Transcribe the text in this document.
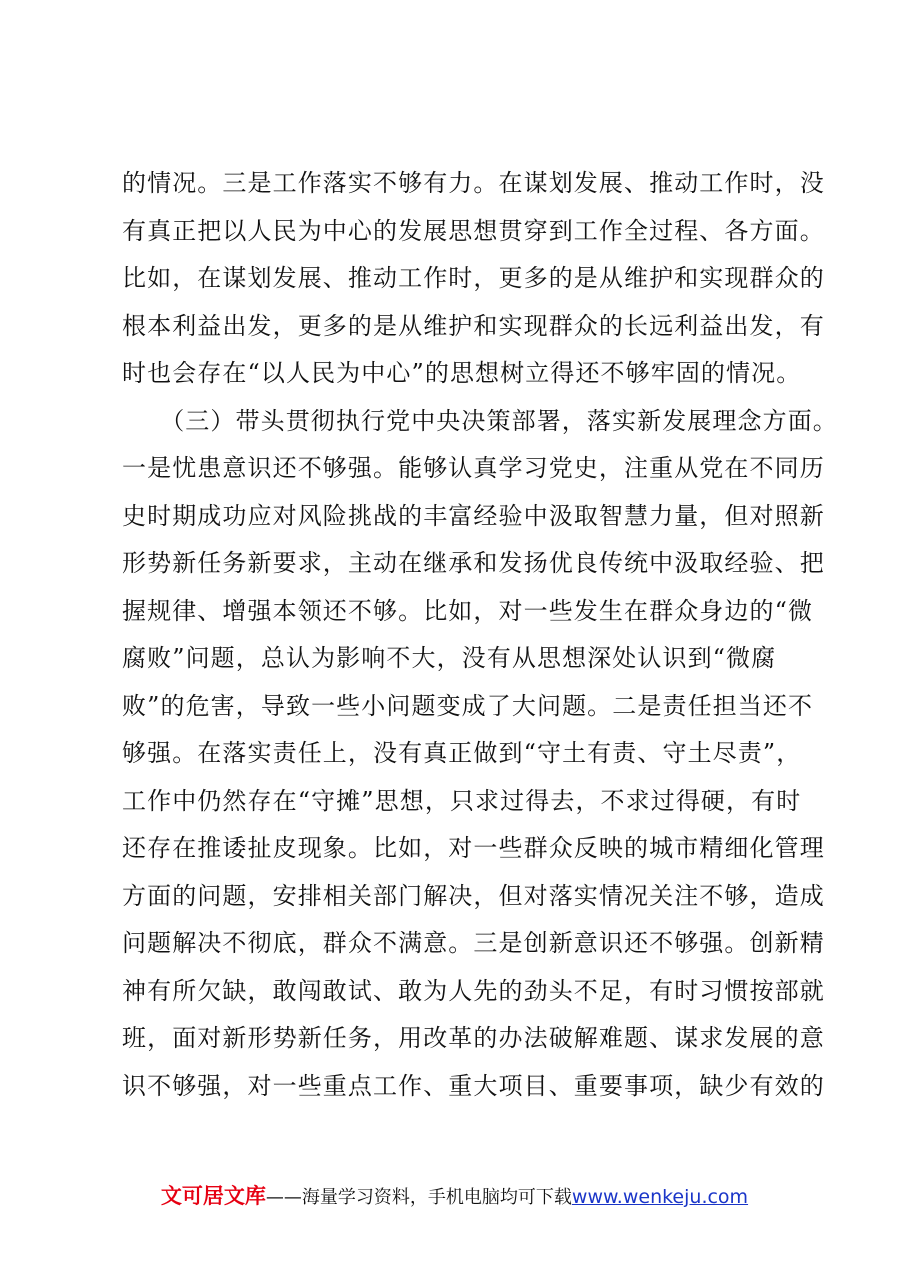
的情况。三是工作落实不够有力。在谋划发展、推动工作时，没
有真正把以人民为中心的发展思想贯穿到工作全过程、各方面。
比如，在谋划发展、推动工作时，更多的是从维护和实现群众的
根本利益出发，更多的是从维护和实现群众的长远利益出发，有
时也会存在“以人民为中心”的思想树立得还不够牢固的情况。
　　（三）带头贯彻执行党中央决策部署，落实新发展理念方面。
一是忧患意识还不够强。能够认真学习党史，注重从党在不同历
史时期成功应对风险挑战的丰富经验中汲取智慧力量，但对照新
形势新任务新要求，主动在继承和发扬优良传统中汲取经验、把
握规律、增强本领还不够。比如，对一些发生在群众身边的“微
腐败”问题，总认为影响不大，没有从思想深处认识到“微腐
败”的危害，导致一些小问题变成了大问题。二是责任担当还不
够强。在落实责任上，没有真正做到“守土有责、守土尽责”，
工作中仍然存在“守摊”思想，只求过得去，不求过得硬，有时
还存在推诿扯皮现象。比如，对一些群众反映的城市精细化管理
方面的问题，安排相关部门解决，但对落实情况关注不够，造成
问题解决不彻底，群众不满意。三是创新意识还不够强。创新精
神有所欠缺，敢闯敢试、敢为人先的劲头不足，有时习惯按部就
班，面对新形势新任务，用改革的办法破解难题、谋求发展的意
识不够强，对一些重点工作、重大项目、重要事项，缺少有效的
文可居文库——海量学习资料，手机电脑均可下载www.wenkeju.com
